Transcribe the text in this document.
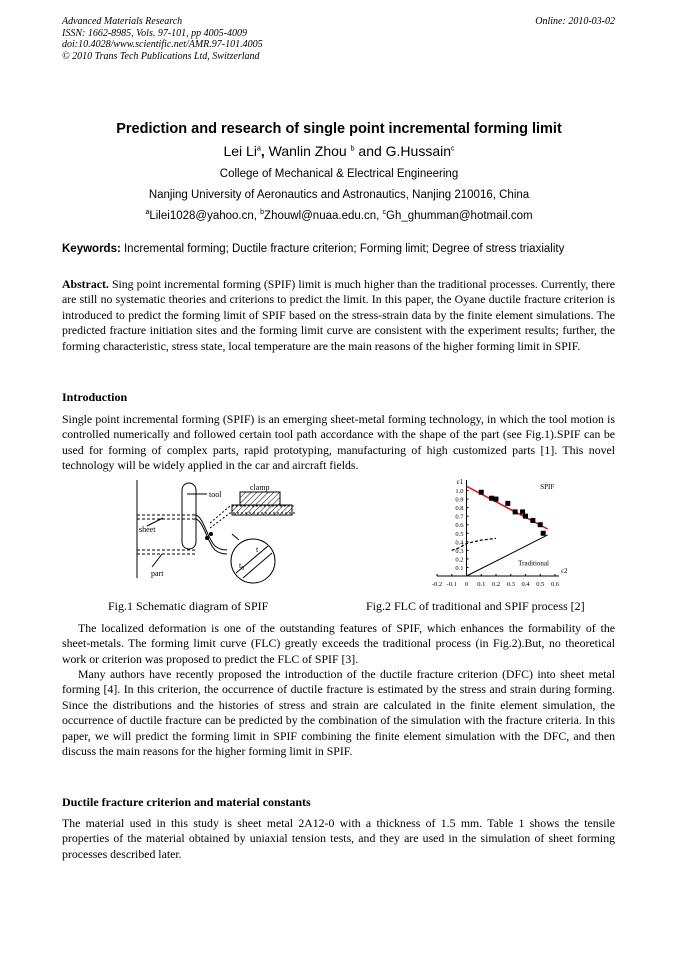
Advanced Materials Research
ISSN: 1662-8985, Vols. 97-101, pp 4005-4009
doi:10.4028/www.scientific.net/AMR.97-101.4005
© 2010 Trans Tech Publications Ltd, Switzerland
Online: 2010-03-02
Prediction and research of single point incremental forming limit
Lei Li$^a$, Wanlin Zhou $^b$ and G.Hussain$^c$
College of Mechanical & Electrical Engineering
Nanjing University of Aeronautics and Astronautics, Nanjing 210016, China
$^a$Lilei1028@yahoo.cn, $^b$Zhouwl@nuaa.edu.cn, $^c$Gh_ghumman@hotmail.com
Keywords: Incremental forming; Ductile fracture criterion; Forming limit; Degree of stress triaxiality

Abstract. Sing point incremental forming (SPIF) limit is much higher than the traditional processes. Currently, there are still no systematic theories and criterions to predict the limit. In this paper, the Oyane ductile fracture criterion is introduced to predict the forming limit of SPIF based on the stress-strain data by the finite element simulations. The predicted fracture initiation sites and the forming limit curve are consistent with the experiment results; further, the forming characteristic, stress state, local temperature are the main reasons of the higher forming limit in SPIF.

Introduction

Single point incremental forming (SPIF) is an emerging sheet-metal forming technology, in which the tool motion is controlled numerically and followed certain tool path accordance with the shape of the part (see Fig.1).SPIF can be used for forming of complex parts, rapid prototyping, manufacturing of high customized parts [1]. This novel technology will be widely applied in the car and aircraft fields.

tool
clamp
sheet
part
t
$t_0$
-0.2 -0.1 0 0.1 0.2 0.3 0.4 0.5 0.6
0.1
0.2
0.3
0.4
0.5
0.6
0.7
0.8
0.9
1.0
ε1
ε2
SPIF
Traditional
Fig.1 Schematic diagram of SPIF	Fig.2 FLC of traditional and SPIF process [2]

The localized deformation is one of the outstanding features of SPIF, which enhances the formability of the sheet-metals. The forming limit curve (FLC) greatly exceeds the traditional process (in Fig.2).But, no theoretical work or criterion was proposed to predict the FLC of SPIF [3].

Many authors have recently proposed the introduction of the ductile fracture criterion (DFC) into sheet metal forming [4]. In this criterion, the occurrence of ductile fracture is estimated by the stress and strain during forming. Since the distributions and the histories of stress and strain are calculated in the finite element simulation, the occurrence of ductile fracture can be predicted by the combination of the simulation with the fracture criteria. In this paper, we will predict the forming limit in SPIF combining the finite element simulation with the DFC, and then discuss the main reasons for the higher forming limit in SPIF.

Ductile fracture criterion and material constants

The material used in this study is sheet metal 2A12-0 with a thickness of 1.5 mm. Table 1 shows the tensile properties of the material obtained by uniaxial tension tests, and they are used in the simulation of sheet forming processes described later.
